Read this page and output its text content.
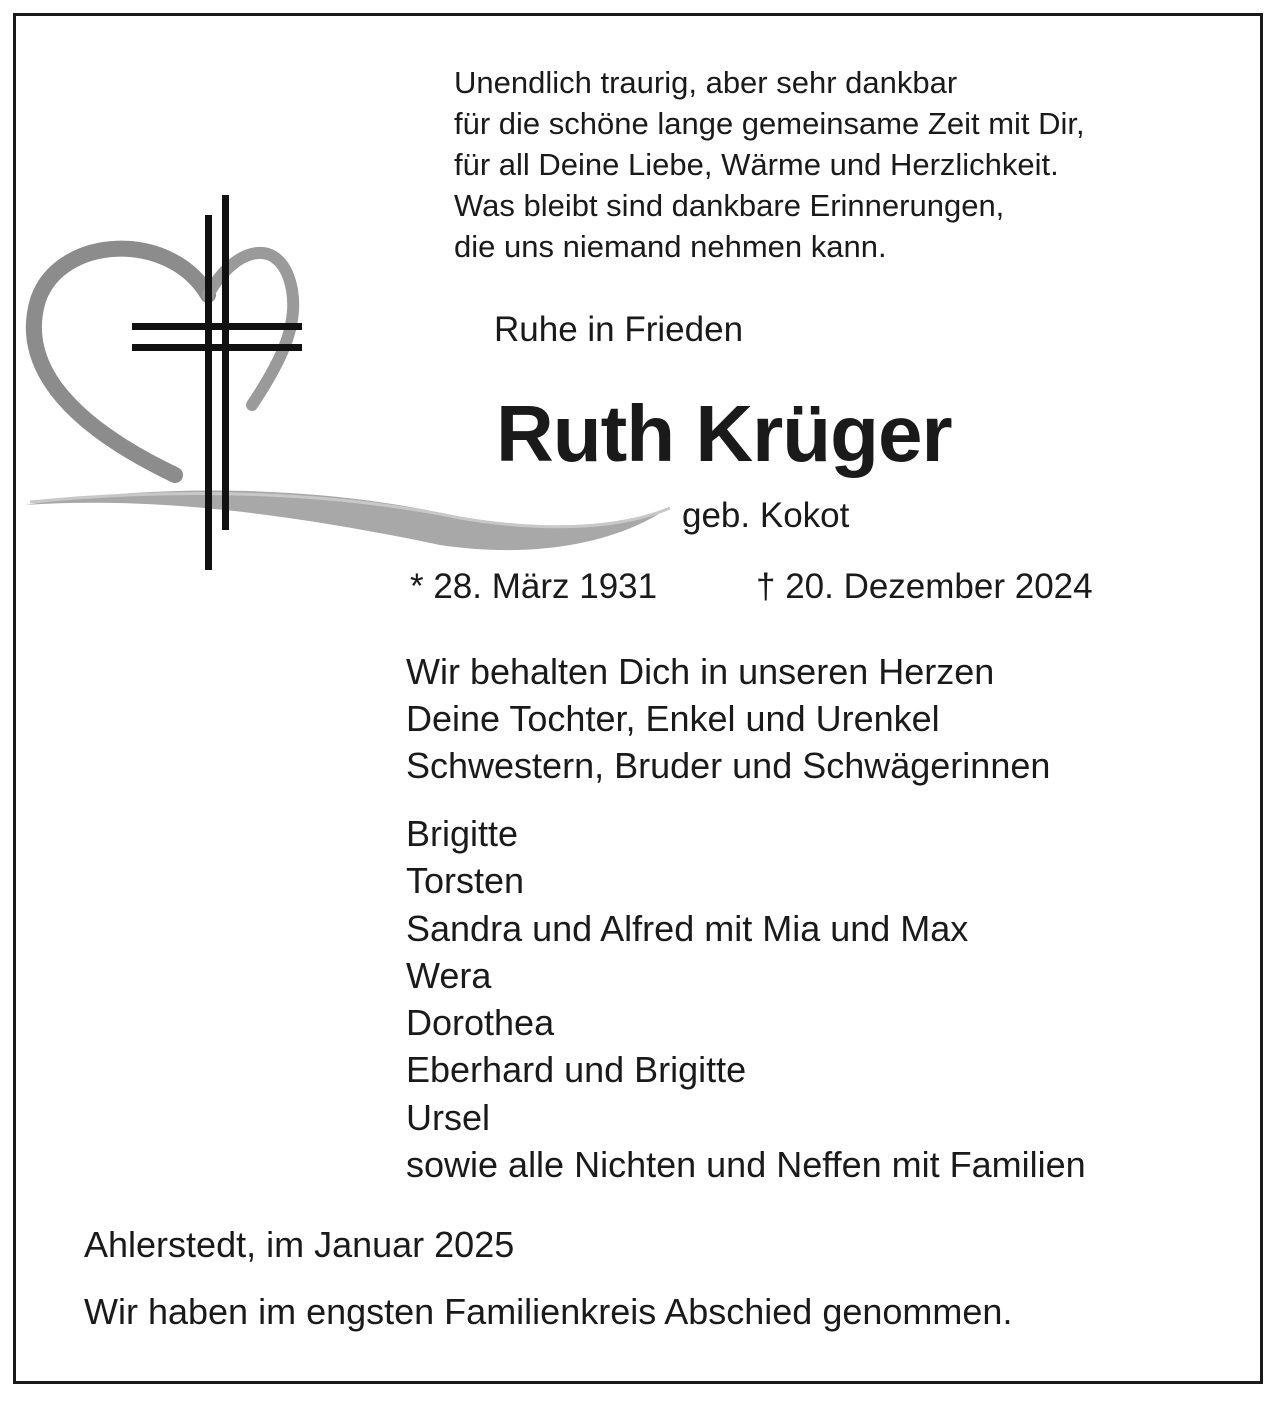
Unendlich traurig, aber sehr dankbar
für die schöne lange gemeinsame Zeit mit Dir,
für all Deine Liebe, Wärme und Herzlichkeit.
Was bleibt sind dankbare Erinnerungen,
die uns niemand nehmen kann.
Ruhe in Frieden
Ruth Krüger
geb. Kokot
* 28. März 1931	† 20. Dezember 2024
Wir behalten Dich in unseren Herzen
Deine Tochter, Enkel und Urenkel
Schwestern, Bruder und Schwägerinnen
Brigitte
Torsten
Sandra und Alfred mit Mia und Max
Wera
Dorothea
Eberhard und Brigitte
Ursel
sowie alle Nichten und Neffen mit Familien
Ahlerstedt, im Januar 2025
Wir haben im engsten Familienkreis Abschied genommen.
